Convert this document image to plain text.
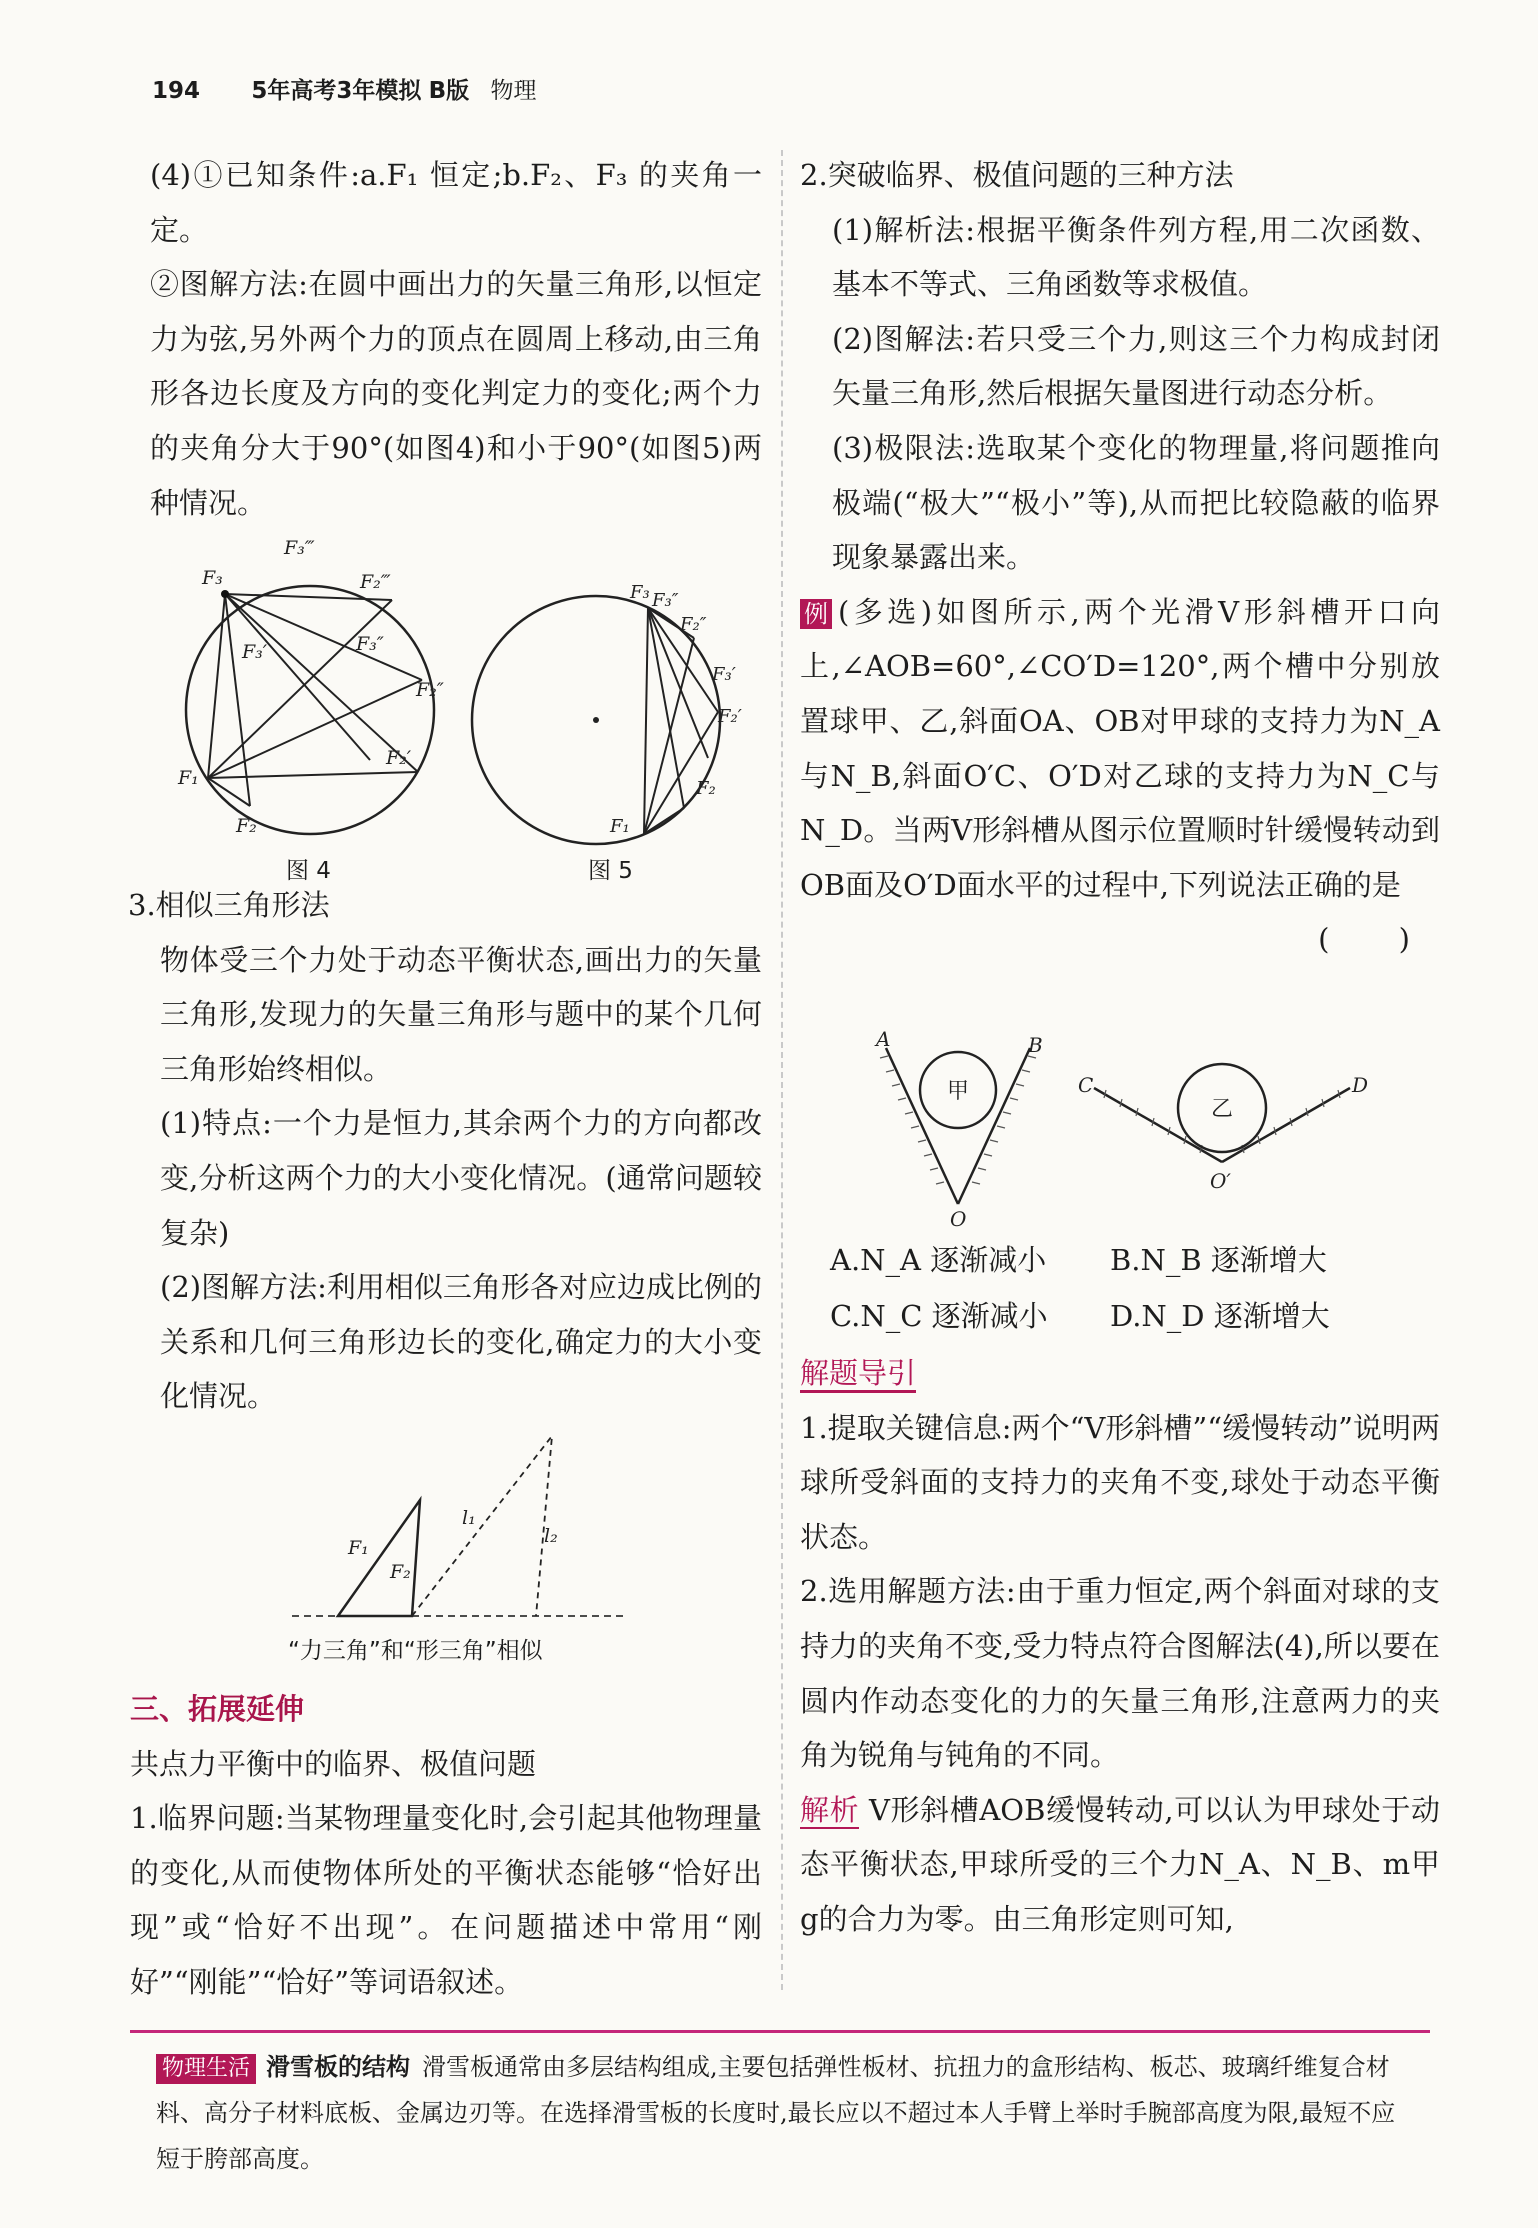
194 5年高考3年模拟 B版 物理

(4)①已知条件:a.F₁ 恒定;b.F₂、F₃ 的夹角一定。

②图解方法:在圆中画出力的矢量三角形,以恒定力为弦,另外两个力的顶点在圆周上移动,由三角形各边长度及方向的变化判定力的变化;两个力的夹角分大于90°(如图4)和小于90°(如图5)两种情况。

F₃
F₃‴
F₂‴
F₃′	F₃″
F₂″
F₂′
F₁
F₂
图 4
F₃ F₃″
F₂″
F₃′
F₂′
F₂
F₁
图 5

3.相似三角形法

物体受三个力处于动态平衡状态,画出力的矢量三角形,发现力的矢量三角形与题中的某个几何三角形始终相似。

(1)特点:一个力是恒力,其余两个力的方向都改变,分析这两个力的大小变化情况。(通常问题较复杂)

(2)图解方法:利用相似三角形各对应边成比例的关系和几何三角形边长的变化,确定力的大小变化情况。

F₁
F₂
l₁
l₂
“力三角”和“形三角”相似

三、拓展延伸

共点力平衡中的临界、极值问题

1.临界问题:当某物理量变化时,会引起其他物理量的变化,从而使物体所处的平衡状态能够“恰好出现”或“恰好不出现”。在问题描述中常用“刚好”“刚能”“恰好”等词语叙述。

2.突破临界、极值问题的三种方法

(1)解析法:根据平衡条件列方程,用二次函数、基本不等式、三角函数等求极值。

(2)图解法:若只受三个力,则这三个力构成封闭矢量三角形,然后根据矢量图进行动态分析。

(3)极限法:选取某个变化的物理量,将问题推向极端(“极大”“极小”等),从而把比较隐蔽的临界现象暴露出来。

例 (多选)如图所示,两个光滑V形斜槽开口向上,∠AOB=60°,∠CO′D=120°,两个槽中分别放置球甲、乙,斜面OA、OB对甲球的支持力为N_A与N_B,斜面O′C、O′D对乙球的支持力为N_C与N_D。当两V形斜槽从图示位置顺时针缓慢转动到OB面及O′D面水平的过程中,下列说法正确的是
( )

A	B
O
C	D
O′
甲
乙
A.N_A 逐渐减小 B.N_B 逐渐增大 C.N_C 逐渐减小 D.N_D 逐渐增大

解题导引

1.提取关键信息:两个“V形斜槽”“缓慢转动”说明两球所受斜面的支持力的夹角不变,球处于动态平衡状态。

2.选用解题方法:由于重力恒定,两个斜面对球的支持力的夹角不变,受力特点符合图解法(4),所以要在圆内作动态变化的力的矢量三角形,注意两力的夹角为锐角与钝角的不同。

解析 V形斜槽AOB缓慢转动,可以认为甲球处于动态平衡状态,甲球所受的三个力N_A、N_B、m甲g的合力为零。由三角形定则可知,

物理生活 滑雪板的结构 滑雪板通常由多层结构组成,主要包括弹性板材、抗扭力的盒形结构、板芯、玻璃纤维复合材料、高分子材料底板、金属边刃等。在选择滑雪板的长度时,最长应以不超过本人手臂上举时手腕部高度为限,最短不应短于胯部高度。
